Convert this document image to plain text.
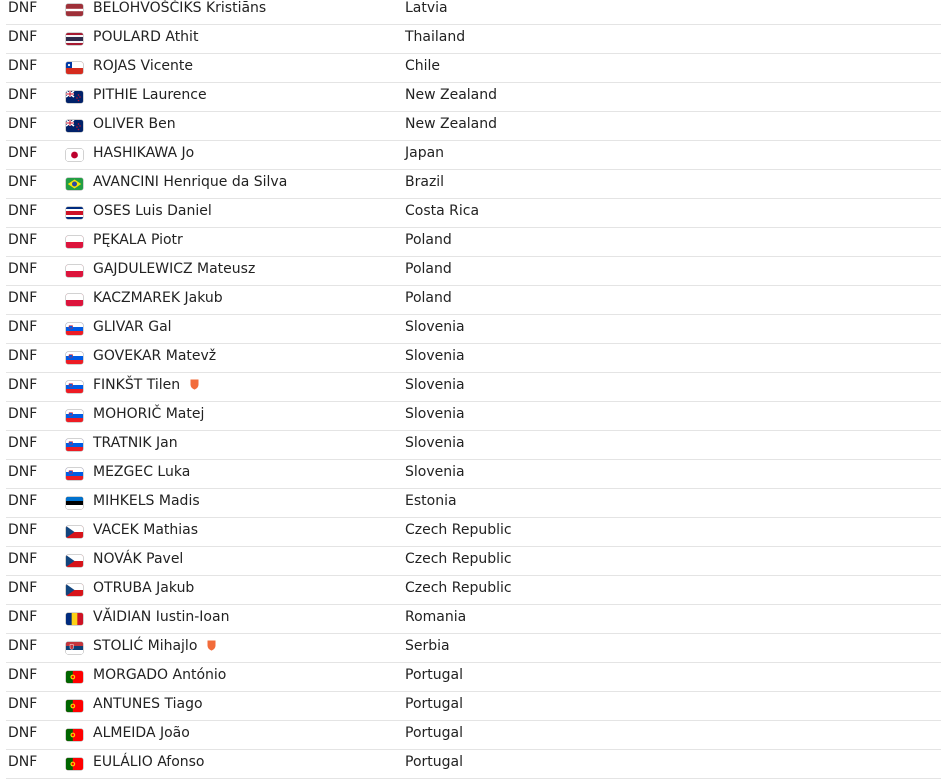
DNF	BELOHVOŠČIKS Kristiāns	Latvia
DNF	POULARD Athit	Thailand
DNF	ROJAS Vicente	Chile
DNF	PITHIE Laurence	New Zealand
DNF	OLIVER Ben	New Zealand
DNF	HASHIKAWA Jo	Japan
DNF	AVANCINI Henrique da Silva	Brazil
DNF	OSES Luis Daniel	Costa Rica
DNF	PĘKALA Piotr	Poland
DNF	GAJDULEWICZ Mateusz	Poland
DNF	KACZMAREK Jakub	Poland
DNF	GLIVAR Gal	Slovenia
DNF	GOVEKAR Matevž	Slovenia
DNF	FINKŠT Tilen	Slovenia
DNF	MOHORIČ Matej	Slovenia
DNF	TRATNIK Jan	Slovenia
DNF	MEZGEC Luka	Slovenia
DNF	MIHKELS Madis	Estonia
DNF	VACEK Mathias	Czech Republic
DNF	NOVÁK Pavel	Czech Republic
DNF	OTRUBA Jakub	Czech Republic
DNF	VĂIDIAN Iustin-Ioan	Romania
DNF	STOLIĆ Mihajlo	Serbia
DNF	MORGADO António	Portugal
DNF	ANTUNES Tiago	Portugal
DNF	ALMEIDA João	Portugal
DNF	EULÁLIO Afonso	Portugal
